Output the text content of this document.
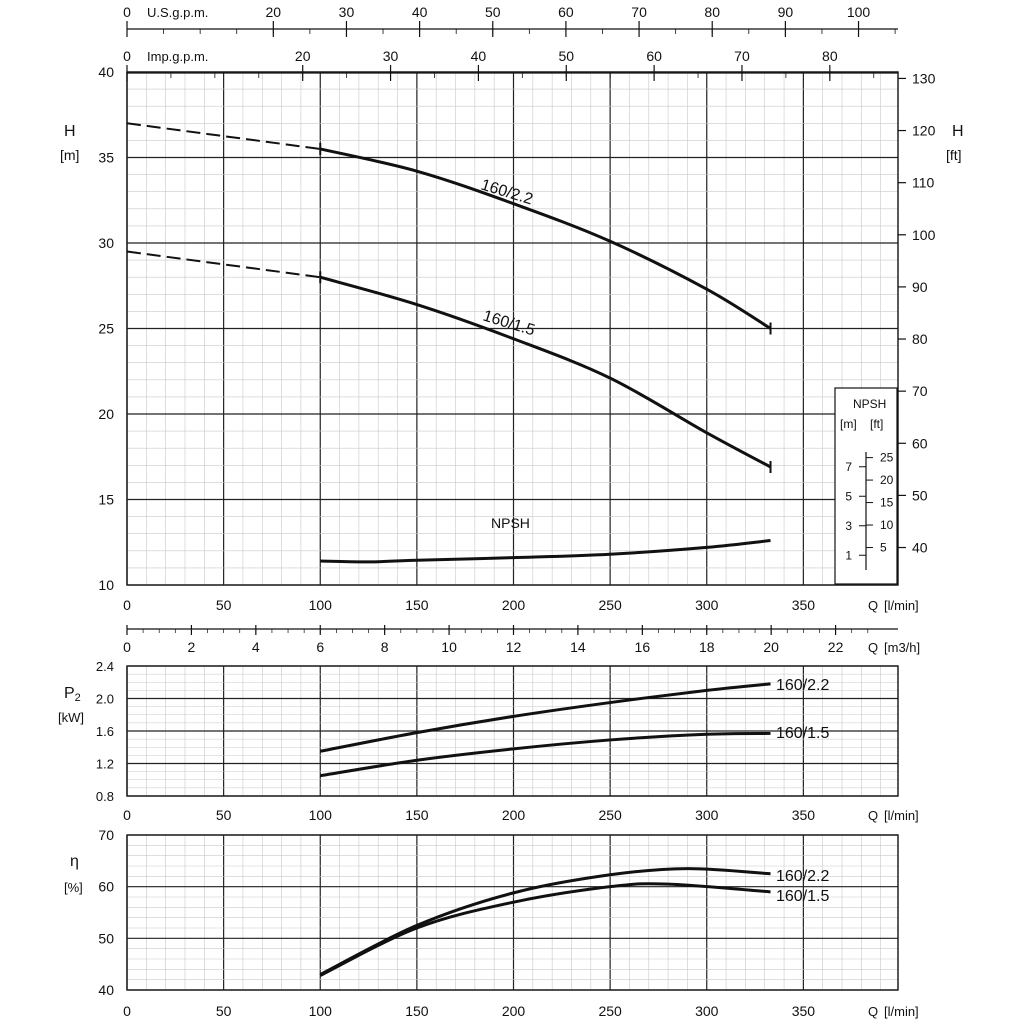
U.S.g.p.m.
Imp.g.p.m.
H
[m]
H
[ft]
160/2.2
160/1.5
NPSH
NPSH
[m] [ft]
7
5
3
1
25
20
15
10
5
Q [l/min]
Q [m3/h]
P2
[kW]
160/2.2
160/1.5
Q [l/min]
η
[%]
160/2.2
160/1.5
Q [l/min]
10
15
20
25
30
35
40
40
50
60
70
80
90
100
110
120
130
0	50	100	150	200	250	300	350
0.8
1.2
1.6
2.0
2.4
0	50	100	150	200	250	300	350
40
50
60
70
0	50	100	150	200	250	300	350
0	20	30	40	50	60	70	80	90	100
0	20	30	40	50	60	70	80
0	2	4	6	8	10	12	14	16	18	20	22
